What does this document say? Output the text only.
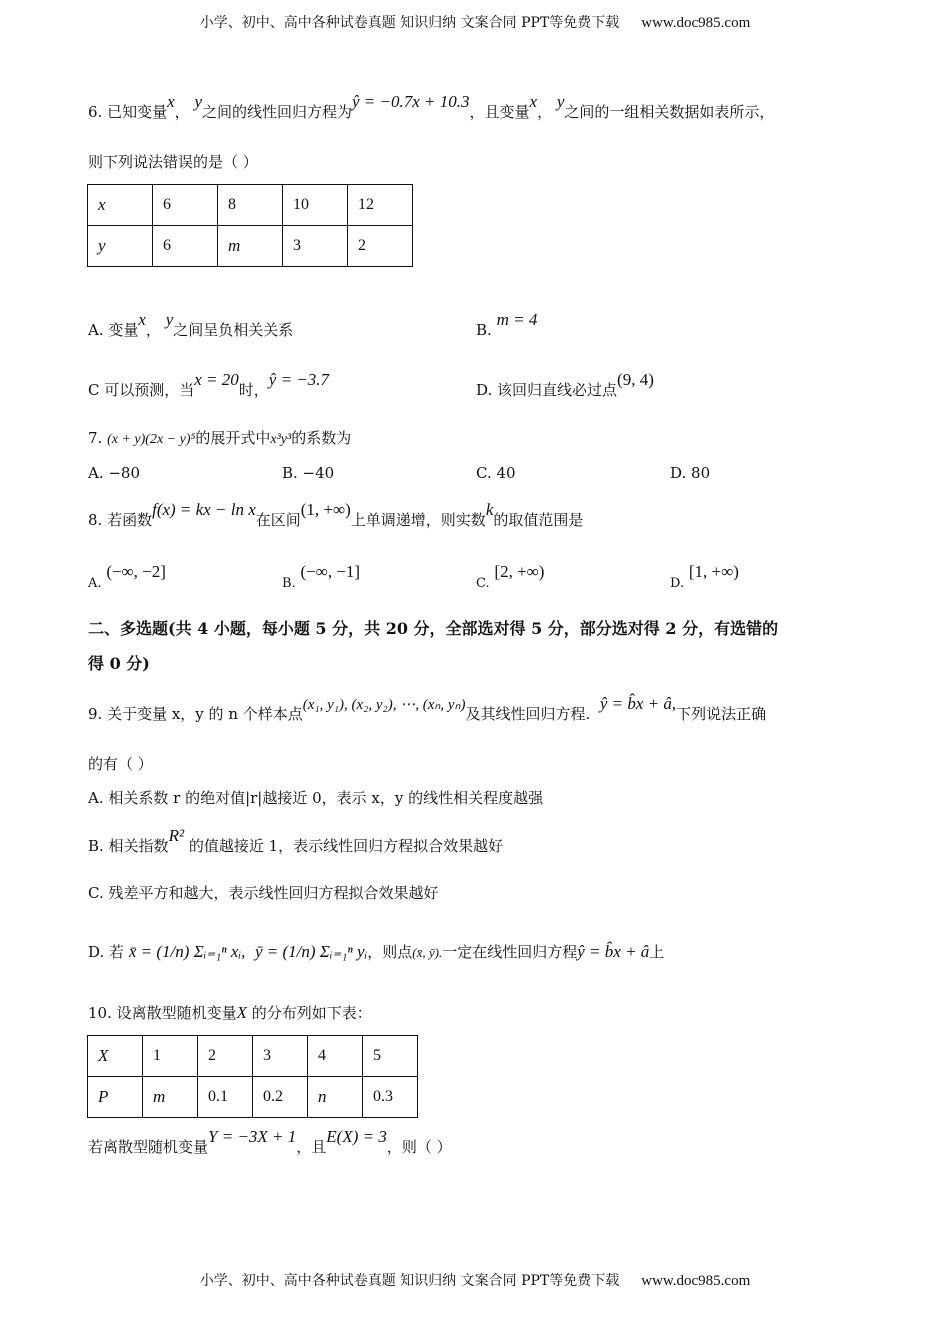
小学、初中、高中各种试卷真题 知识归纳 文案合同 PPT等免费下载 www.doc985.com
6. 已知变量x， y之间的线性回归方程为ŷ = −0.7x + 10.3，且变量x， y之间的一组相关数据如表所示，
则下列说法错误的是（ ）
x	6	8	10	12
y	6	m	3	2
A. 变量x， y之间呈负相关关系	B. m = 4
C 可以预测，当x = 20时，ŷ = −3.7
D. 该回归直线必过点(9, 4)
7. (x + y)(2x − y)⁵的展开式中x³y³的系数为
A. −80	B. −40	C. 40	D. 80
8. 若函数f(x) = kx − ln x在区间(1, +∞)上单调递增，则实数k的取值范围是
A. (−∞, −2]
B. (−∞, −1]
C. [2, +∞)
D. [1, +∞)
二、多选题(共 4 小题，每小题 5 分，共 20 分，全部选对得 5 分，部分选对得 2 分，有选错的
得 0 分)
9. 关于变量 x，y 的 n 个样本点(x₁, y₁), (x₂, y₂), ⋯, (xₙ, yₙ)及其线性回归方程.  ŷ = b̂x + â,下列说法正确
的有（ ）
A. 相关系数 r 的绝对值|r|越接近 0，表示 x，y 的线性相关程度越强
B. 相关指数R² 的值越接近 1，表示线性回归方程拟合效果越好
C. 残差平方和越大，表示线性回归方程拟合效果越好
D. 若 x̄ = (1/n) Σᵢ₌₁ⁿ xᵢ, ȳ = (1/n) Σᵢ₌₁ⁿ yᵢ，则点(x̄, ȳ).一定在线性回归方程ŷ = b̂x + â上
10. 设离散型随机变量X 的分布列如下表：
X	1	2	3	4	5
P	m	0.1	0.2	n	0.3
若离散型随机变量Y = −3X + 1，且E(X) = 3，则（ ）
小学、初中、高中各种试卷真题 知识归纳 文案合同 PPT等免费下载 www.doc985.com
